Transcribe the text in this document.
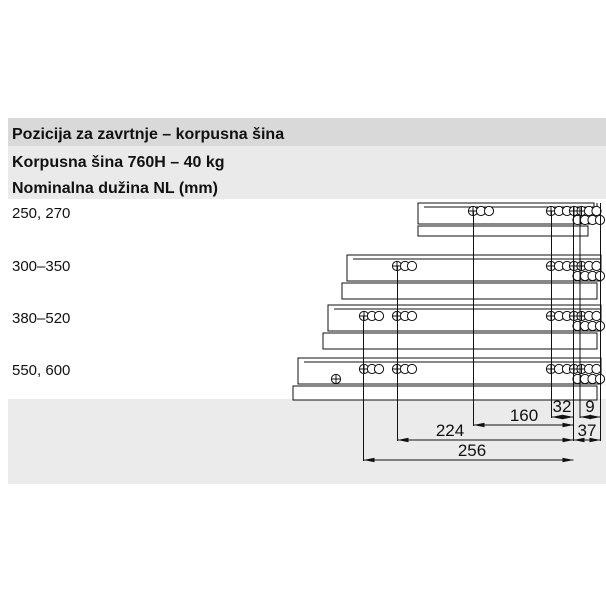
Pozicija za zavrtnje – korpusna šina
Korpusna šina 760H – 40 kg
Nominalna dužina NL (mm)
250, 270
300–350
380–520
550, 600
32 9
160
37
224
256
